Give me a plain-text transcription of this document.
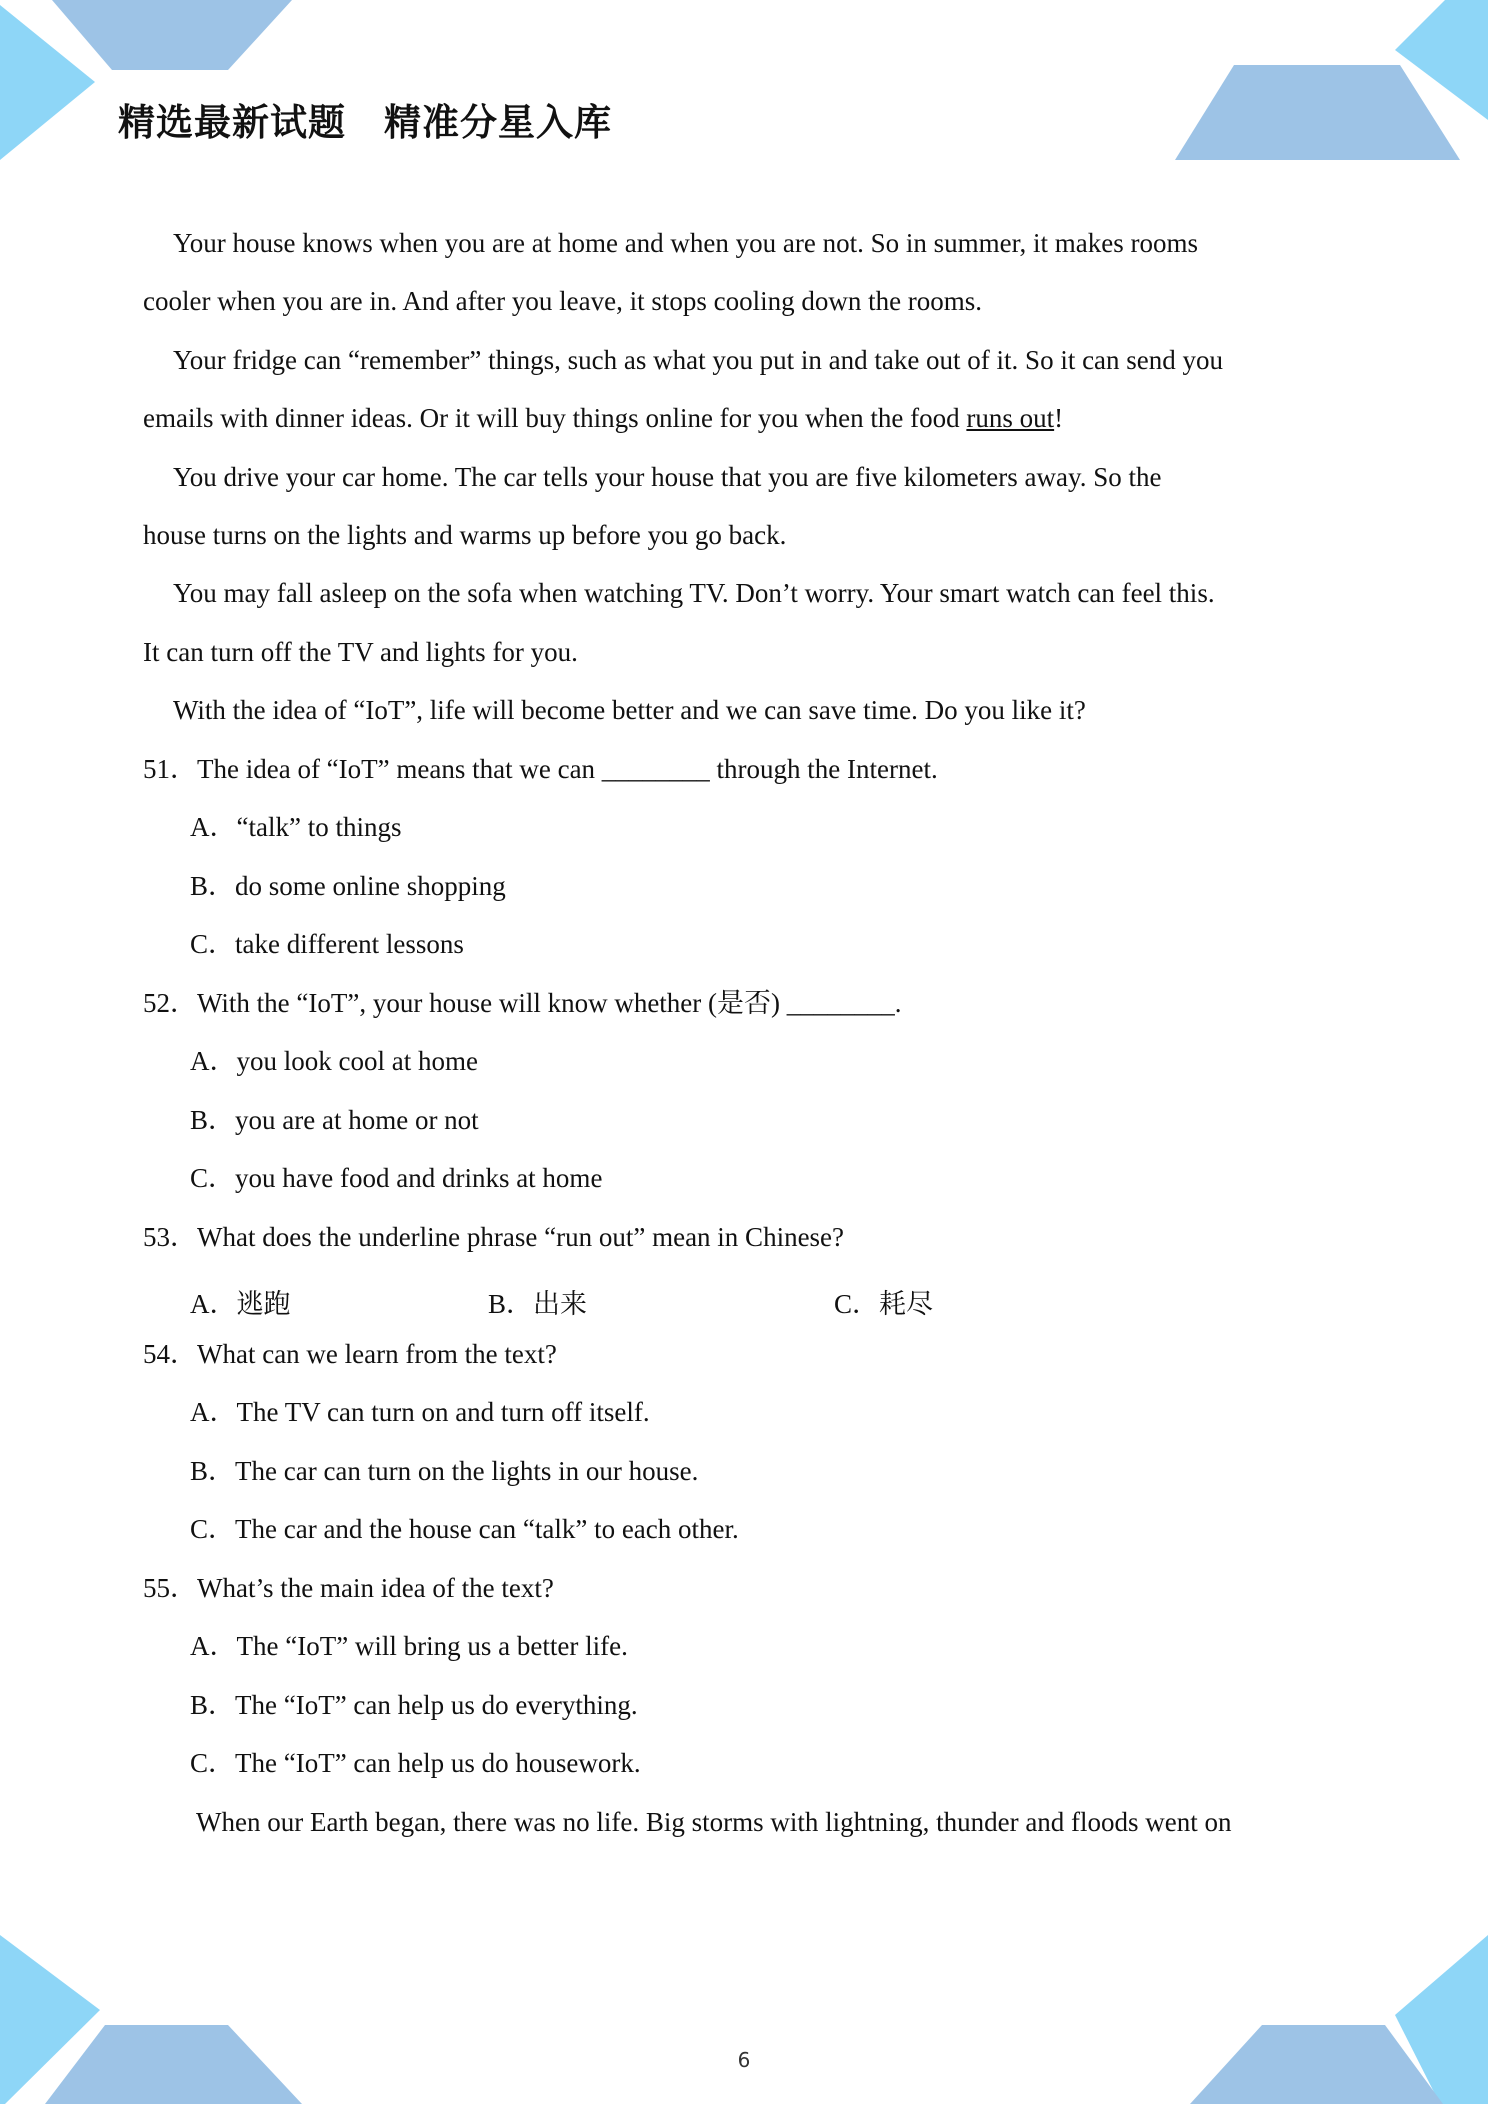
精选最新试题　精准分星入库
Your house knows when you are at home and when you are not. So in summer, it makes rooms
cooler when you are in. And after you leave, it stops cooling down the rooms.
Your fridge can “remember” things, such as what you put in and take out of it. So it can send you
emails with dinner ideas. Or it will buy things online for you when the food runs out!
You drive your car home. The car tells your house that you are five kilometers away. So the
house turns on the lights and warms up before you go back.
You may fall asleep on the sofa when watching TV. Don’t worry. Your smart watch can feel this.
It can turn off the TV and lights for you.
With the idea of “IoT”, life will become better and we can save time. Do you like it?
51．The idea of “IoT” means that we can ________ through the Internet.
A．“talk” to things
B．do some online shopping
C．take different lessons
52．With the “IoT”, your house will know whether (是否) ________.
A．you look cool at home
B．you are at home or not
C．you have food and drinks at home
53．What does the underline phrase “run out” mean in Chinese?
A．逃跑	B．出来	C．耗尽
54．What can we learn from the text?
A．The TV can turn on and turn off itself.
B．The car can turn on the lights in our house.
C．The car and the house can “talk” to each other.
55．What’s the main idea of the text?
A．The “IoT” will bring us a better life.
B．The “IoT” can help us do everything.
C．The “IoT” can help us do housework.
When our Earth began, there was no life. Big storms with lightning, thunder and floods went on
6
